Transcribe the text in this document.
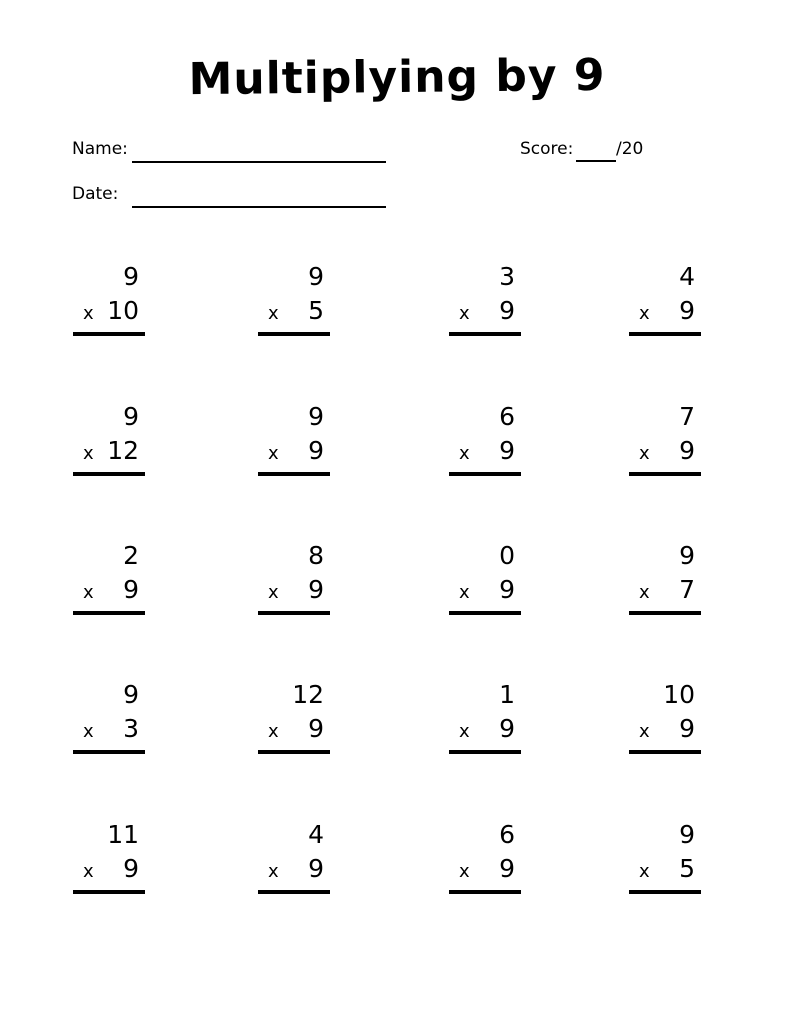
Multiplying by 9
Name:
Date:
Score:	/20
9
x 10
9
x 5
3
x 9
4
x 9
9
x 12
9
x 9
6
x 9
7
x 9
2
x 9
8
x 9
0
x 9
9
x 7
9
x 3
12
x 9
1
x 9
10
x 9
11
x 9
4
x 9
6
x 9
9
x 5
